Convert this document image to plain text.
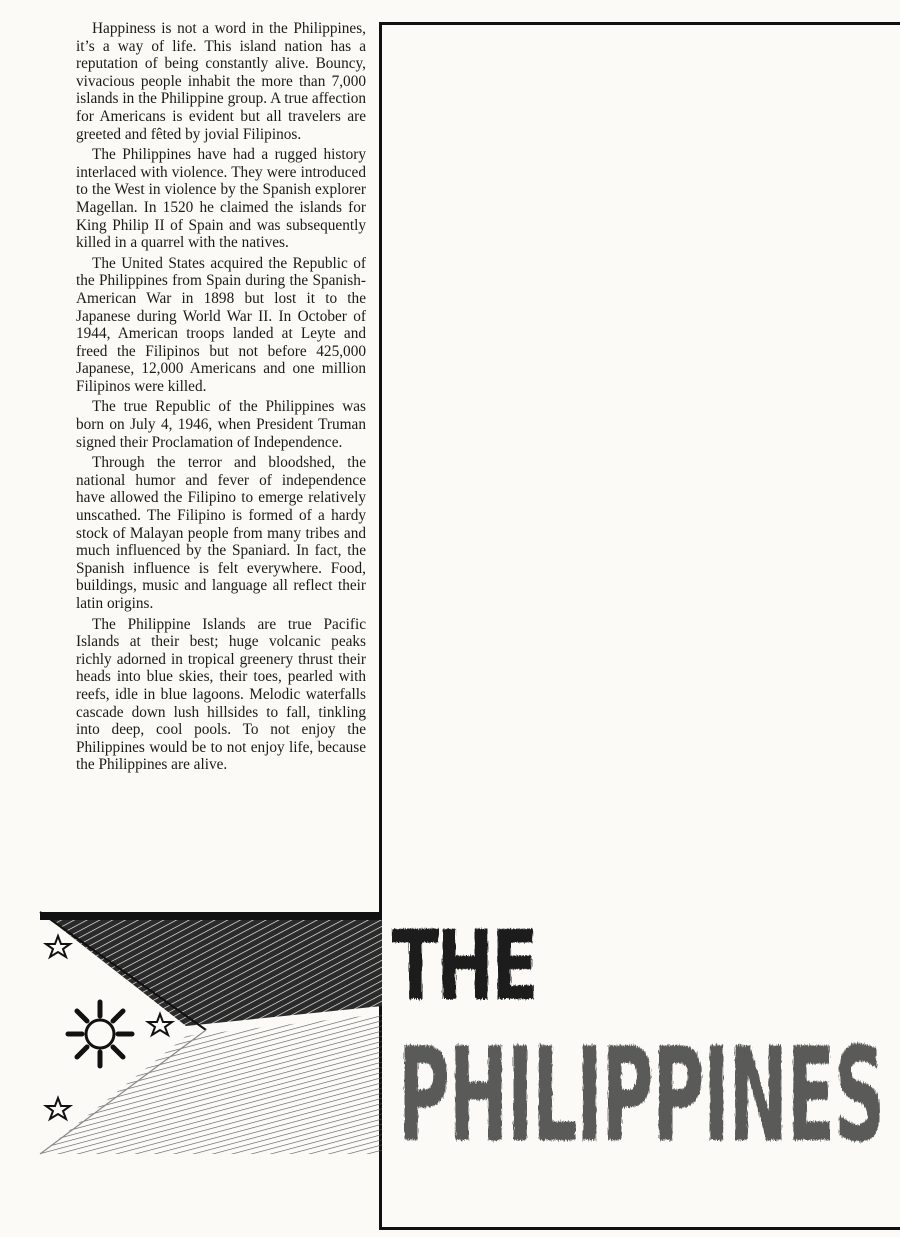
Happiness is not a word in the Philippines, it’s a way of life. This island nation has a reputation of being constantly alive. Bouncy, vivacious people inhabit the more than 7,000 islands in the Philippine group. A true affection for Americans is evident but all travelers are greeted and fêted by jovial Filipinos.

The Philippines have had a rugged history interlaced with violence. They were introduced to the West in violence by the Spanish explorer Magellan. In 1520 he claimed the islands for King Philip II of Spain and was subsequently killed in a quarrel with the natives.

The United States acquired the Republic of the Philippines from Spain during the Spanish-American War in 1898 but lost it to the Japanese during World War II. In October of 1944, American troops landed at Leyte and freed the Filipinos but not before 425,000 Japanese, 12,000 Americans and one million Filipinos were killed.

The true Republic of the Philippines was born on July 4, 1946, when President Truman signed their Proclamation of Independence.

Through the terror and bloodshed, the national humor and fever of independence have allowed the Filipino to emerge relatively unscathed. The Filipino is formed of a hardy stock of Malayan people from many tribes and much influenced by the Spaniard. In fact, the Spanish influence is felt everywhere. Food, buildings, music and language all reflect their latin origins.

The Philippine Islands are true Pacific Islands at their best; huge volcanic peaks richly adorned in tropical greenery thrust their heads into blue skies, their toes, pearled with reefs, idle in blue lagoons. Melodic waterfalls cascade down lush hillsides to fall, tinkling into deep, cool pools. To not enjoy the Philippines would be to not enjoy life, because the Philippines are alive.

THE
PHILIPPINES
